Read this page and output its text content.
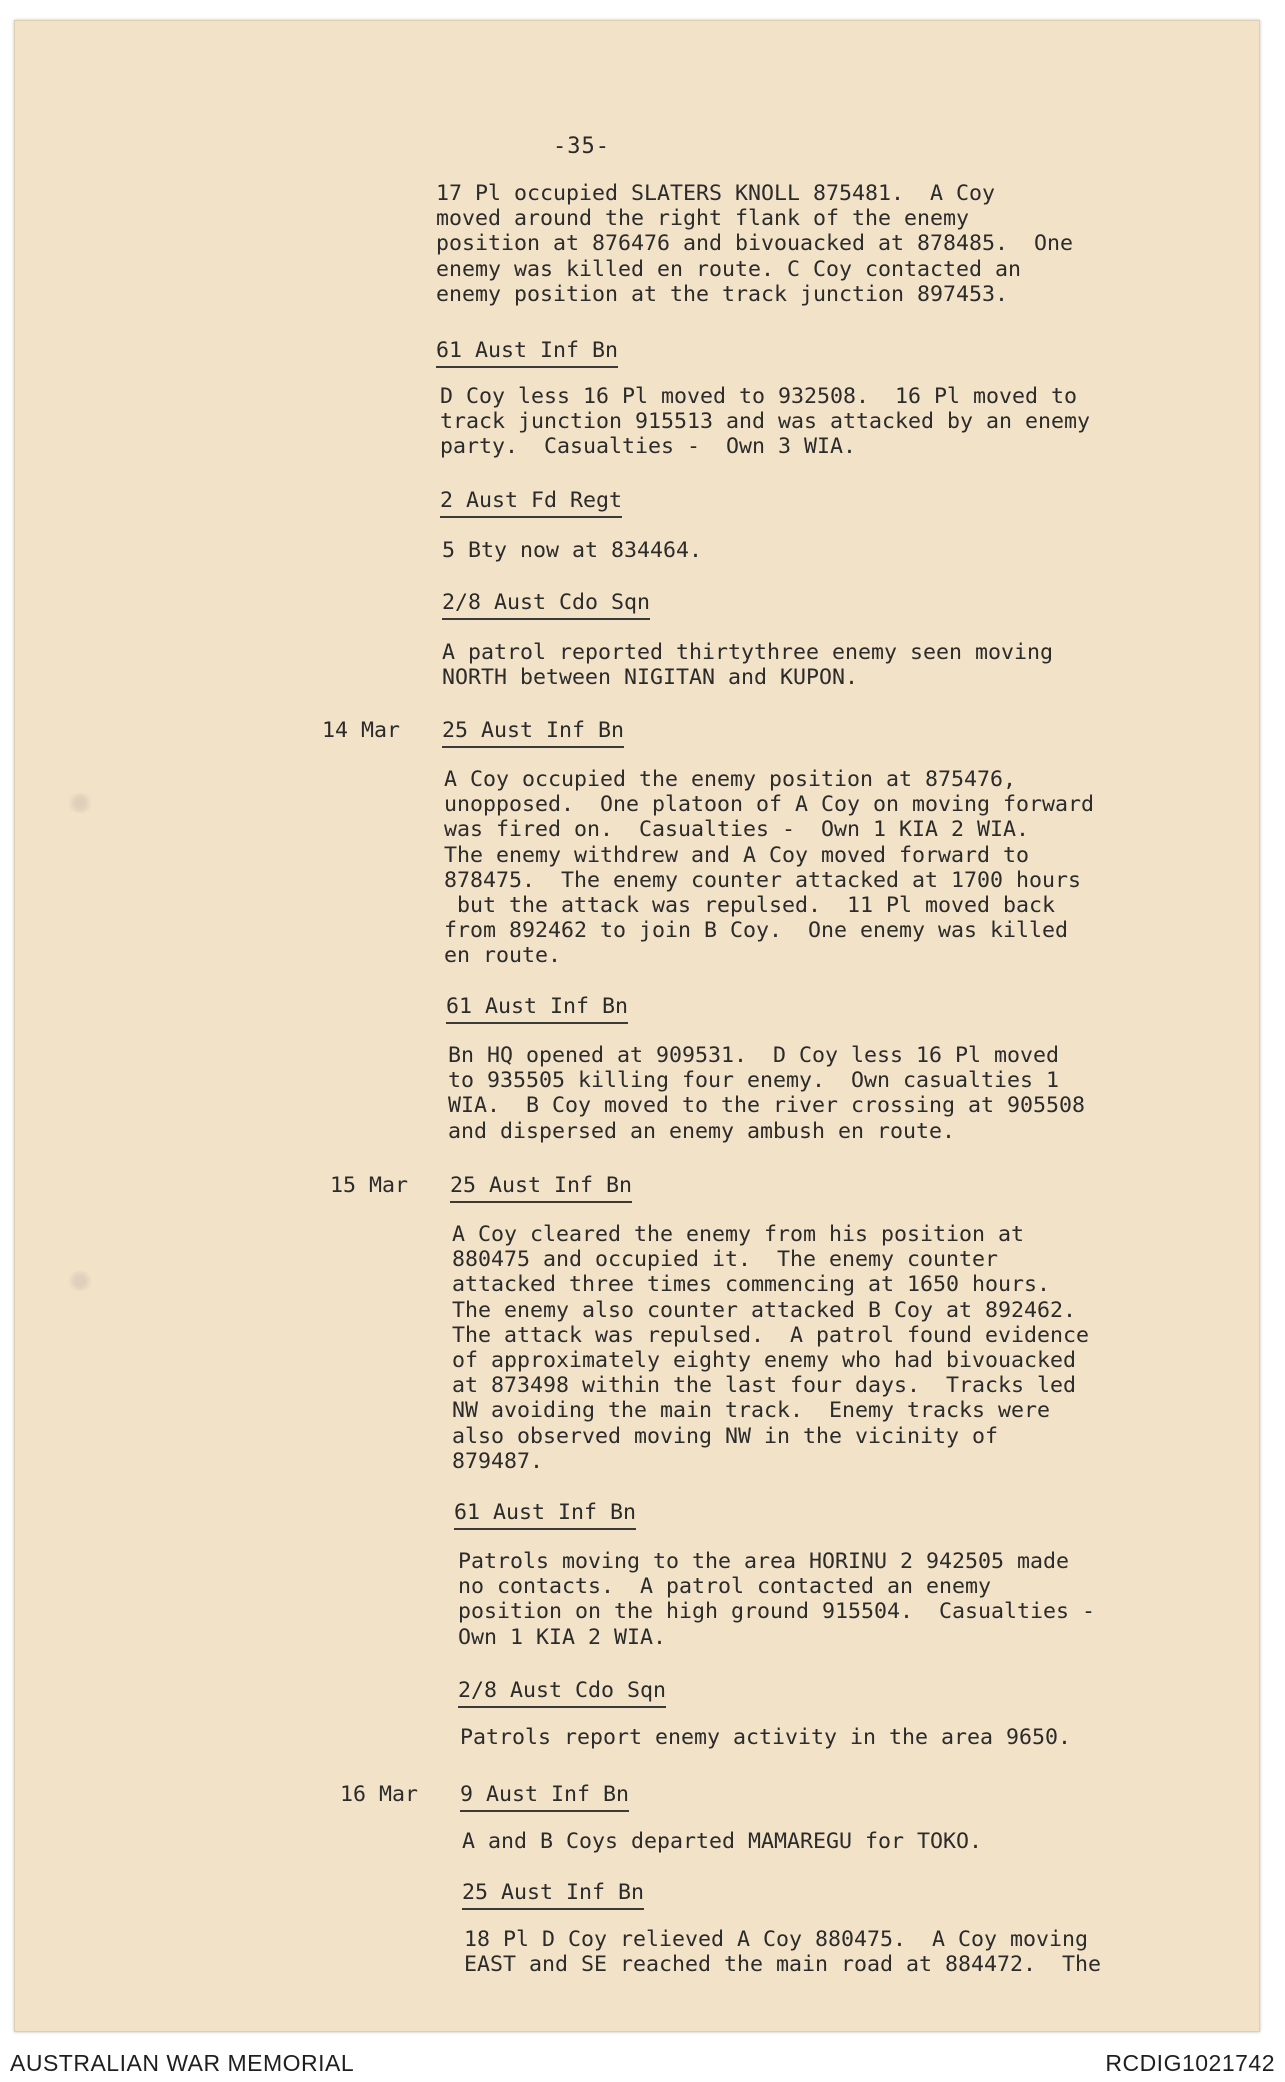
-35-
17 Pl occupied SLATERS KNOLL 875481.  A Coy
moved around the right flank of the enemy
position at 876476 and bivouacked at 878485.  One
enemy was killed en route. C Coy contacted an
enemy position at the track junction 897453.
61 Aust Inf Bn
D Coy less 16 Pl moved to 932508.  16 Pl moved to
track junction 915513 and was attacked by an enemy
party.  Casualties -  Own 3 WIA.
2 Aust Fd Regt
5 Bty now at 834464.
2/8 Aust Cdo Sqn
A patrol reported thirtythree enemy seen moving
NORTH between NIGITAN and KUPON.
14 Mar 25 Aust Inf Bn
A Coy occupied the enemy position at 875476,
unopposed.  One platoon of A Coy on moving forward
was fired on.  Casualties -  Own 1 KIA 2 WIA.
The enemy withdrew and A Coy moved forward to
878475.  The enemy counter attacked at 1700 hours
but the attack was repulsed.  11 Pl moved back
from 892462 to join B Coy.  One enemy was killed
en route.
61 Aust Inf Bn
Bn HQ opened at 909531.  D Coy less 16 Pl moved
to 935505 killing four enemy.  Own casualties 1
WIA.  B Coy moved to the river crossing at 905508
and dispersed an enemy ambush en route.
15 Mar 25 Aust Inf Bn
A Coy cleared the enemy from his position at
880475 and occupied it.  The enemy counter
attacked three times commencing at 1650 hours.
The enemy also counter attacked B Coy at 892462.
The attack was repulsed.  A patrol found evidence
of approximately eighty enemy who had bivouacked
at 873498 within the last four days.  Tracks led
NW avoiding the main track.  Enemy tracks were
also observed moving NW in the vicinity of
879487.
61 Aust Inf Bn
Patrols moving to the area HORINU 2 942505 made
no contacts.  A patrol contacted an enemy
position on the high ground 915504.  Casualties -
Own 1 KIA 2 WIA.
2/8 Aust Cdo Sqn
Patrols report enemy activity in the area 9650.
16 Mar 9 Aust Inf Bn
A and B Coys departed MAMAREGU for TOKO.
25 Aust Inf Bn
18 Pl D Coy relieved A Coy 880475.  A Coy moving
EAST and SE reached the main road at 884472.  The
AUSTRALIAN WAR MEMORIAL	RCDIG1021742
